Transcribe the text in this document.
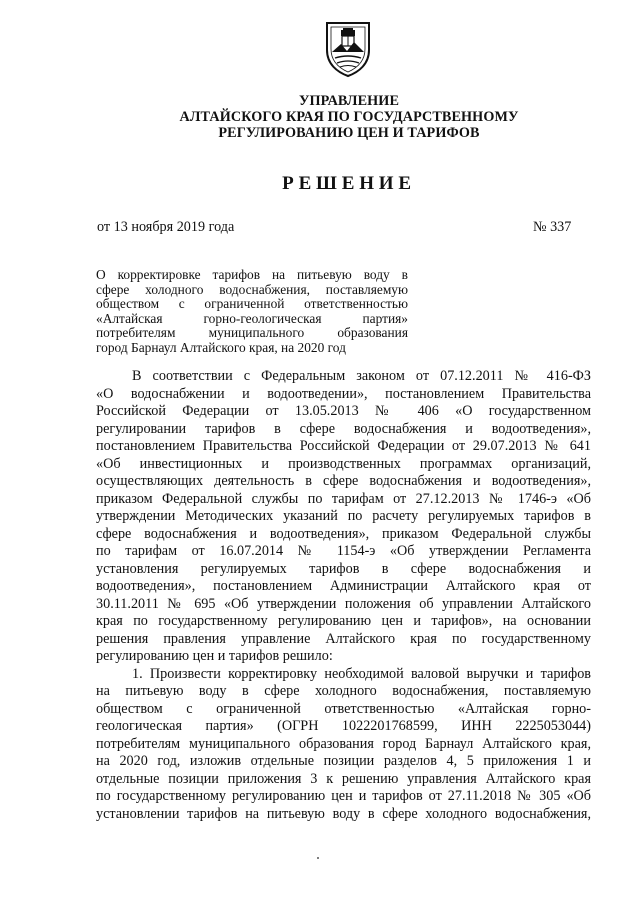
УПРАВЛЕНИЕ
АЛТАЙСКОГО КРАЯ ПО ГОСУДАРСТВЕННОМУ
РЕГУЛИРОВАНИЮ ЦЕН И ТАРИФОВ
РЕШЕНИЕ
от 13 ноября 2019 года	№ 337
О корректировке тарифов на питьевую воду в
сфере холодного водоснабжения, поставляемую
обществом с ограниченной ответственностью
«Алтайская горно-геологическая партия»
потребителям муниципального образования
город Барнаул Алтайского края, на 2020 год
В соответствии с Федеральным законом от 07.12.2011 № 416-ФЗ
«О водоснабжении и водоотведении», постановлением Правительства
Российской Федерации от 13.05.2013 № 406 «О государственном
регулировании тарифов в сфере водоснабжения и водоотведения»,
постановлением Правительства Российской Федерации от 29.07.2013 № 641
«Об инвестиционных и производственных программах организаций,
осуществляющих деятельность в сфере водоснабжения и водоотведения»,
приказом Федеральной службы по тарифам от 27.12.2013 № 1746-э «Об
утверждении Методических указаний по расчету регулируемых тарифов в
сфере водоснабжения и водоотведения», приказом Федеральной службы
по тарифам от 16.07.2014 № 1154-э «Об утверждении Регламента
установления регулируемых тарифов в сфере водоснабжения и
водоотведения», постановлением Администрации Алтайского края от
30.11.2011 № 695 «Об утверждении положения об управлении Алтайского
края по государственному регулированию цен и тарифов», на основании
решения правления управление Алтайского края по государственному
регулированию цен и тарифов решило:
1. Произвести корректировку необходимой валовой выручки и тарифов
на питьевую воду в сфере холодного водоснабжения, поставляемую
обществом с ограниченной ответственностью «Алтайская горно-
геологическая партия» (ОГРН 1022201768599, ИНН 2225053044)
потребителям муниципального образования город Барнаул Алтайского края,
на 2020 год, изложив отдельные позиции разделов 4, 5 приложения 1 и
отдельные позиции приложения 3 к решению управления Алтайского края
по государственному регулированию цен и тарифов от 27.11.2018 № 305 «Об
установлении тарифов на питьевую воду в сфере холодного водоснабжения,
